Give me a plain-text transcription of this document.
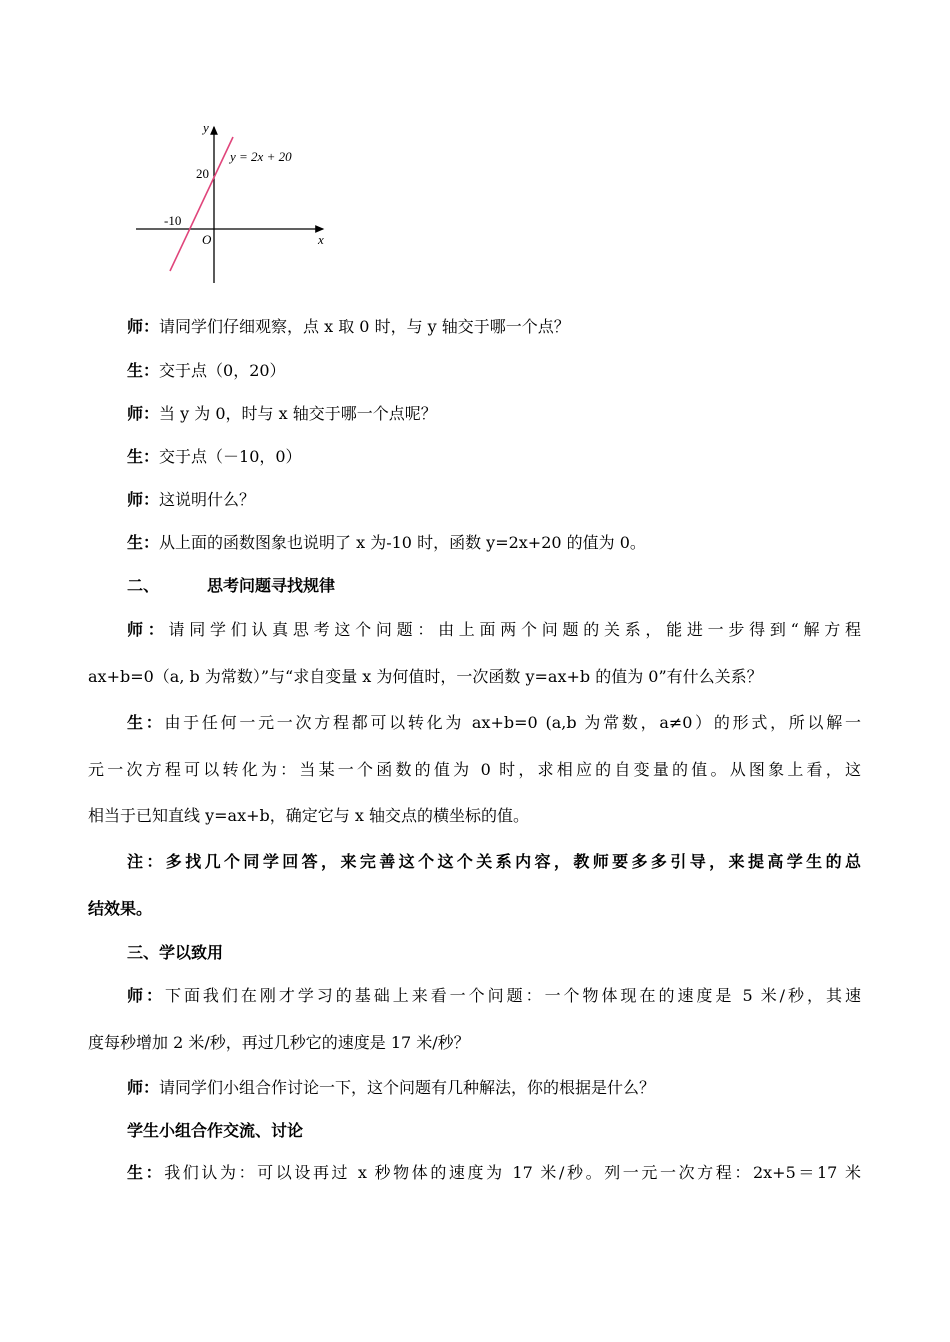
y
x
O
20
-10
y = 2x + 20
师：请同学们仔细观察，点 x 取 0 时，与 y 轴交于哪一个点？
生：交于点（0，20）
师：当 y 为 0，时与 x 轴交于哪一个点呢？
生：交于点（－10，0）
师：这说明什么？
生：从上面的函数图象也说明了 x 为-10 时，函数 y=2x+20 的值为 0。
二、	思考问题寻找规律
师：请同学们认真思考这个问题：由上面两个问题的关系，能进一步得到“解方程
ax+b=0（a, b 为常数）”与“求自变量 x 为何值时，一次函数 y=ax+b 的值为 0”有什么关系？
生：由于任何一元一次方程都可以转化为 ax+b=0 (a,b 为常数，a≠0）的形式，所以解一
元一次方程可以转化为：当某一个函数的值为 0 时，求相应的自变量的值。从图象上看，这
相当于已知直线 y=ax+b，确定它与 x 轴交点的横坐标的值。
注：多找几个同学回答，来完善这个这个关系内容，教师要多多引导，来提高学生的总
结效果。
三、学以致用
师：下面我们在刚才学习的基础上来看一个问题：一个物体现在的速度是 5 米/秒，其速
度每秒增加 2 米/秒，再过几秒它的速度是 17 米/秒？
师：请同学们小组合作讨论一下，这个问题有几种解法，你的根据是什么？
学生小组合作交流、讨论
生：我们认为：可以设再过 x 秒物体的速度为 17 米/秒。列一元一次方程：2x+5＝17 米
